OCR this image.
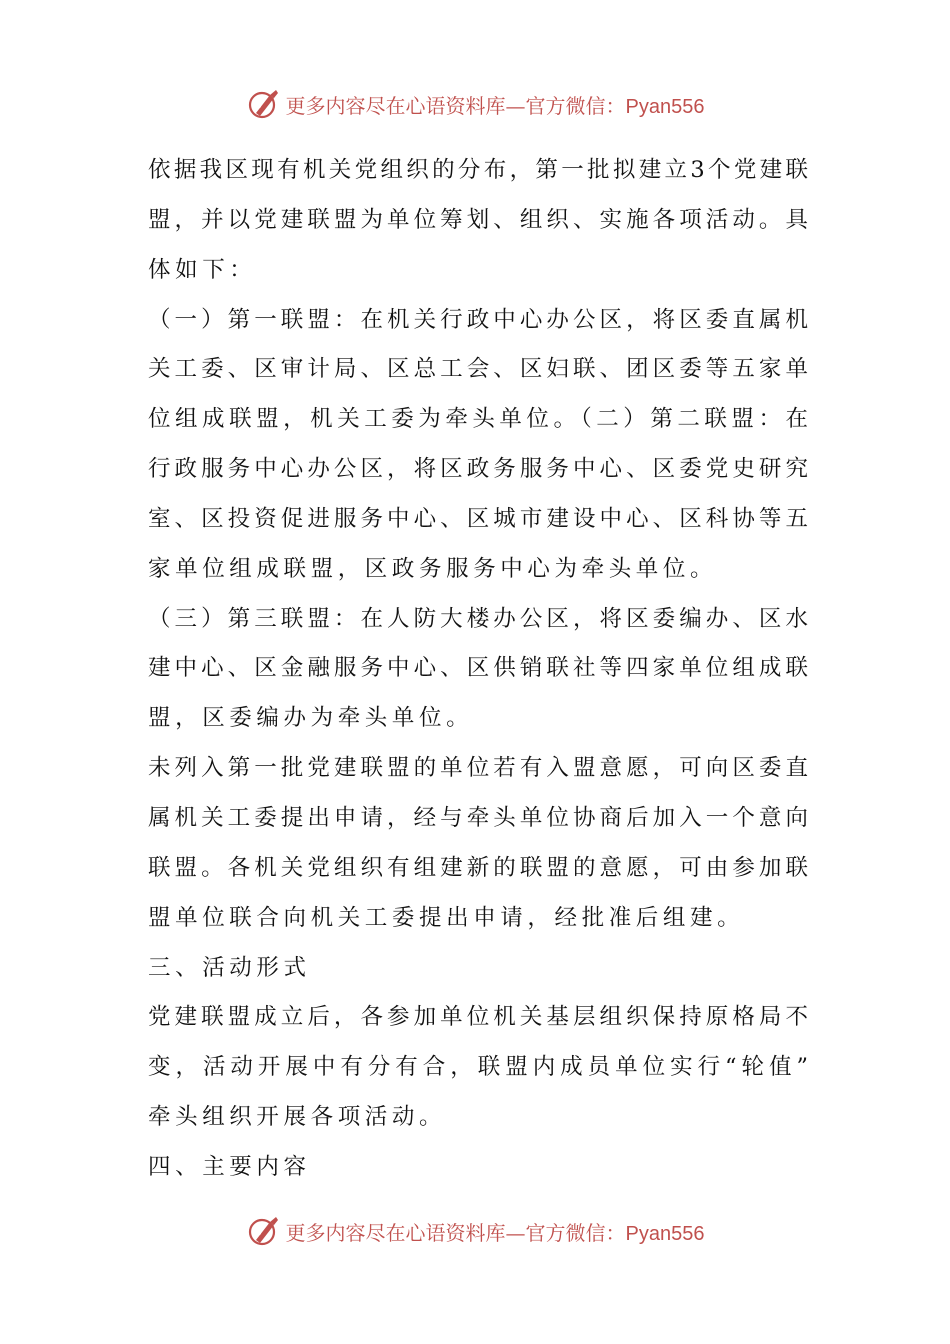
更多内容尽在心语资料库—官方微信：Pyan556
依据我区现有机关党组织的分布，第一批拟建立3个党建联
盟，并以党建联盟为单位筹划、组织、实施各项活动。具
体如下：
（一）第一联盟：在机关行政中心办公区，将区委直属机
关工委、区审计局、区总工会、区妇联、团区委等五家单
位组成联盟，机关工委为牵头单位。（二）第二联盟：在
行政服务中心办公区，将区政务服务中心、区委党史研究
室、区投资促进服务中心、区城市建设中心、区科协等五
家单位组成联盟，区政务服务中心为牵头单位。
（三）第三联盟：在人防大楼办公区，将区委编办、区水
建中心、区金融服务中心、区供销联社等四家单位组成联
盟，区委编办为牵头单位。
未列入第一批党建联盟的单位若有入盟意愿，可向区委直
属机关工委提出申请，经与牵头单位协商后加入一个意向
联盟。各机关党组织有组建新的联盟的意愿，可由参加联
盟单位联合向机关工委提出申请，经批准后组建。
三、活动形式
党建联盟成立后，各参加单位机关基层组织保持原格局不
变，活动开展中有分有合，联盟内成员单位实行“轮值”
牵头组织开展各项活动。
四、主要内容
更多内容尽在心语资料库—官方微信：Pyan556
